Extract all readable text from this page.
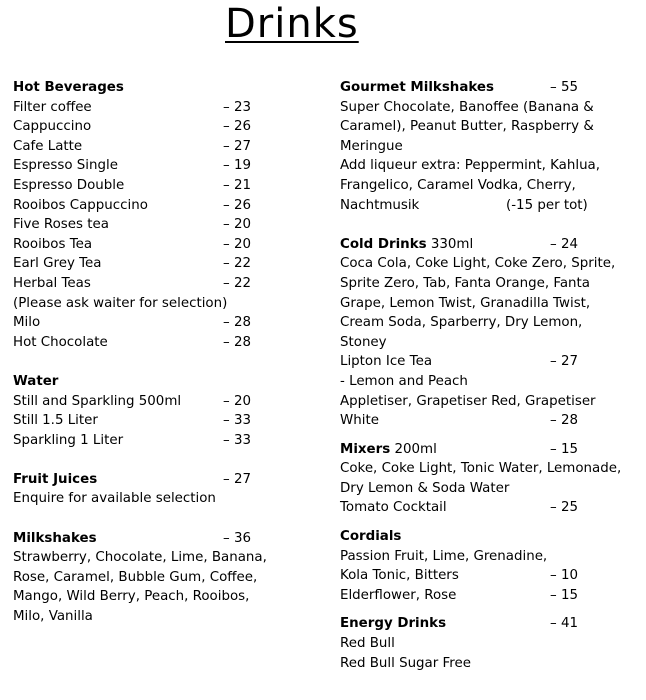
Drinks
Hot Beverages
Filter coffee	– 23
Cappuccino	– 26
Cafe Latte	– 27
Espresso Single	– 19
Espresso Double	– 21
Rooibos Cappuccino	– 26
Five Roses tea	– 20
Rooibos Tea	– 20
Earl Grey Tea	– 22
Herbal Teas	– 22
(Please ask waiter for selection)
Milo	– 28
Hot Chocolate	– 28
Water
Still and Sparkling 500ml	– 20
Still 1.5 Liter	– 33
Sparkling 1 Liter	– 33
Fruit Juices	– 27
Enquire for available selection
Milkshakes	– 36
Strawberry, Chocolate, Lime, Banana,
Rose, Caramel, Bubble Gum, Coffee,
Mango, Wild Berry, Peach, Rooibos,
Milo, Vanilla
Gourmet Milkshakes	– 55
Super Chocolate, Banoffee (Banana &
Caramel), Peanut Butter, Raspberry &
Meringue
Add liqueur extra: Peppermint, Kahlua,
Frangelico, Caramel Vodka, Cherry,
Nachtmusik	(-15 per tot)
Cold Drinks 330ml	– 24
Coca Cola, Coke Light, Coke Zero, Sprite,
Sprite Zero, Tab, Fanta Orange, Fanta
Grape, Lemon Twist, Granadilla Twist,
Cream Soda, Sparberry, Dry Lemon,
Stoney
Lipton Ice Tea	– 27
- Lemon and Peach
Appletiser, Grapetiser Red, Grapetiser
White	– 28
Mixers 200ml	– 15
Coke, Coke Light, Tonic Water, Lemonade,
Dry Lemon & Soda Water
Tomato Cocktail	– 25
Cordials
Passion Fruit, Lime, Grenadine,
Kola Tonic, Bitters	– 10
Elderflower, Rose	– 15
Energy Drinks	– 41
Red Bull
Red Bull Sugar Free
